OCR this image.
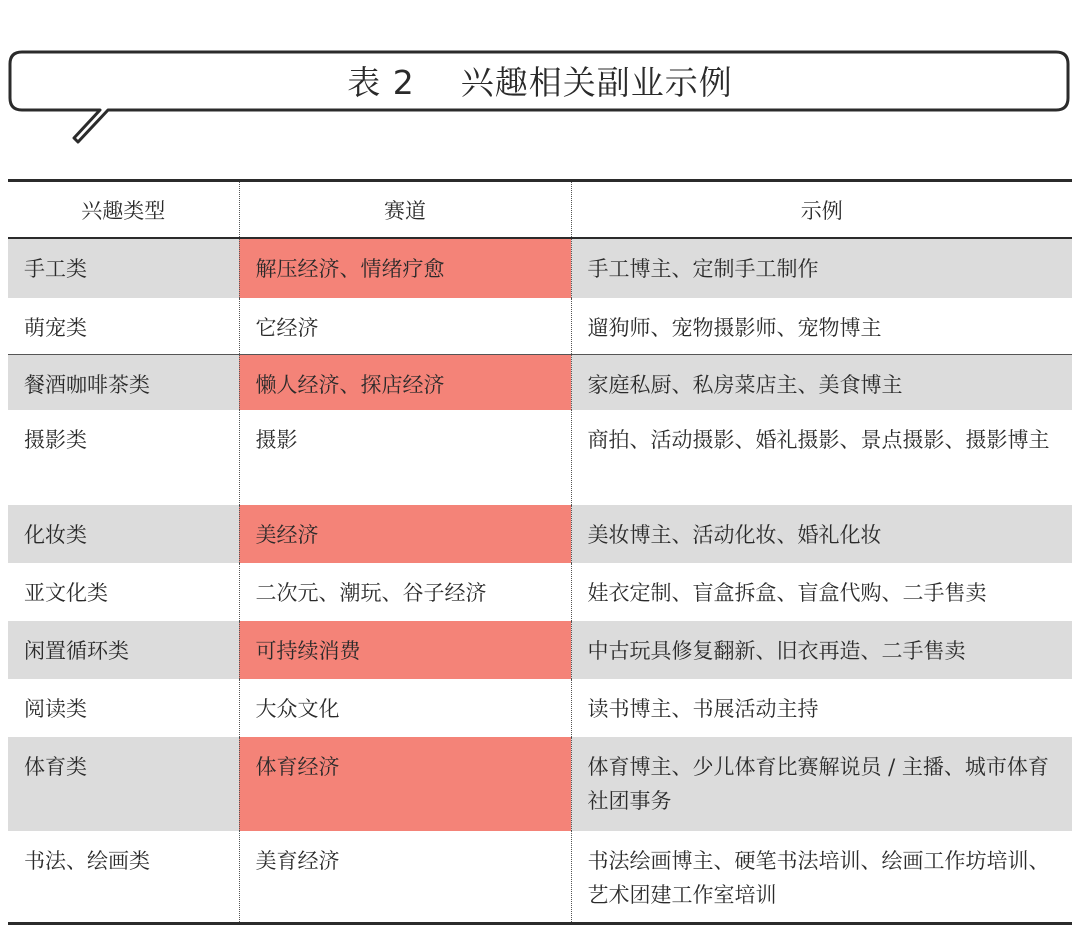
表 2 兴趣相关副业示例
兴趣类型	赛道	示例
手工类	解压经济、情绪疗愈	手工博主、定制手工制作
萌宠类	它经济	遛狗师、宠物摄影师、宠物博主
餐酒咖啡茶类	懒人经济、探店经济	家庭私厨、私房菜店主、美食博主
摄影类	摄影	商拍、活动摄影、婚礼摄影、景点摄影、摄影博主
化妆类	美经济	美妆博主、活动化妆、婚礼化妆
亚文化类	二次元、潮玩、谷子经济	娃衣定制、盲盒拆盒、盲盒代购、二手售卖
闲置循环类	可持续消费	中古玩具修复翻新、旧衣再造、二手售卖
阅读类	大众文化	读书博主、书展活动主持
体育类	体育经济	体育博主、少儿体育比赛解说员 / 主播、城市体育社团事务
书法、绘画类	美育经济	书法绘画博主、硬笔书法培训、绘画工作坊培训、艺术团建工作室培训
